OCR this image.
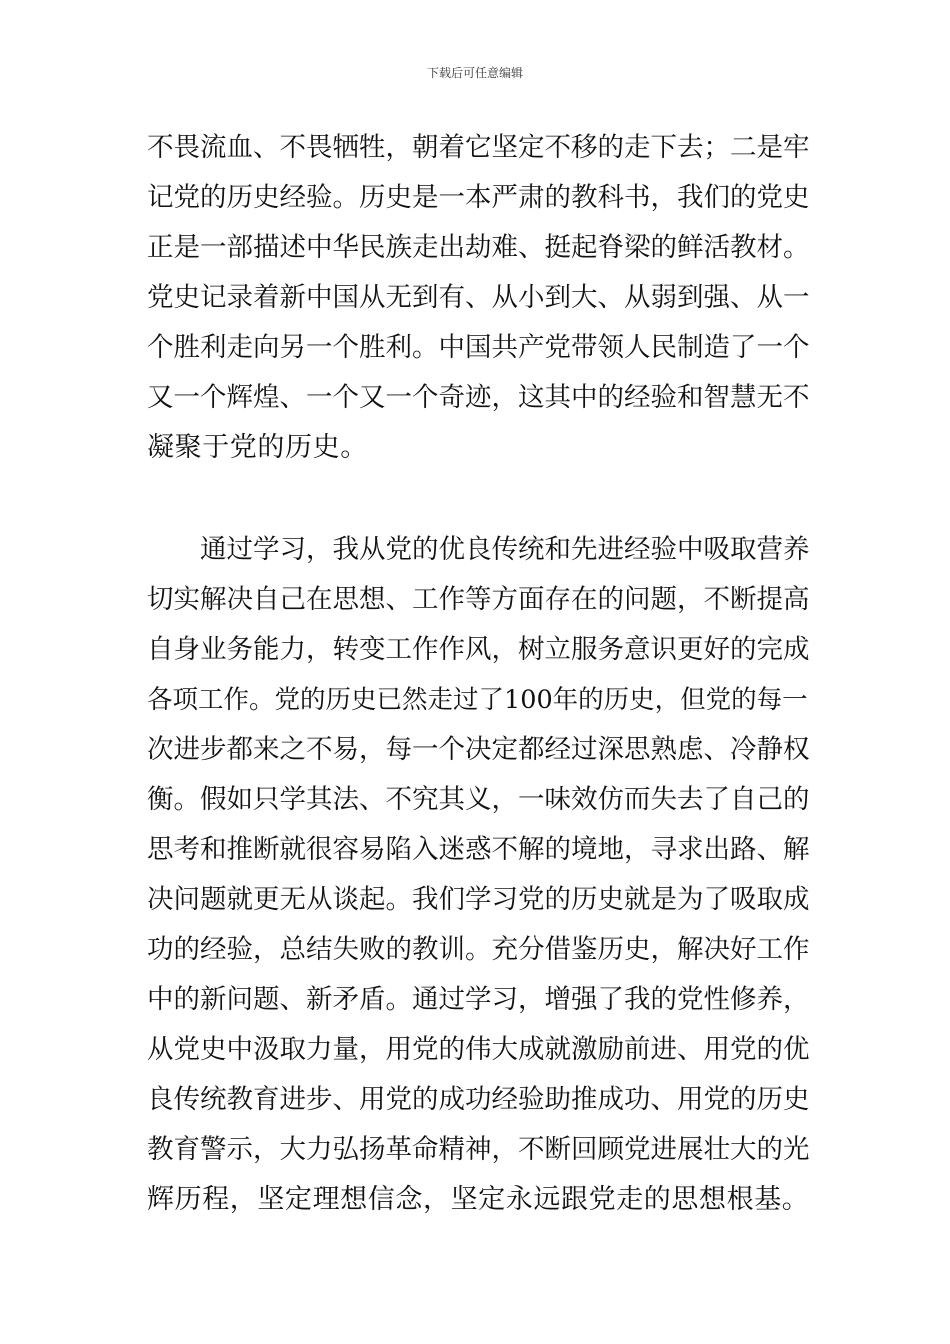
下载后可任意编辑

不畏流血、不畏牺牲，朝着它坚定不移的走下去；二是牢

记党的历史经验。历史是一本严肃的教科书，我们的党史

正是一部描述中华民族走出劫难、挺起脊梁的鲜活教材。

党史记录着新中国从无到有、从小到大、从弱到强、从一

个胜利走向另一个胜利。中国共产党带领人民制造了一个

又一个辉煌、一个又一个奇迹，这其中的经验和智慧无不

凝聚于党的历史。

通过学习，我从党的优良传统和先进经验中吸取营养

切实解决自己在思想、工作等方面存在的问题，不断提高

自身业务能力，转变工作作风，树立服务意识更好的完成

各项工作。党的历史已然走过了100年的历史，但党的每一

次进步都来之不易，每一个决定都经过深思熟虑、冷静权

衡。假如只学其法、不究其义，一味效仿而失去了自己的

思考和推断就很容易陷入迷惑不解的境地，寻求出路、解

决问题就更无从谈起。我们学习党的历史就是为了吸取成

功的经验，总结失败的教训。充分借鉴历史，解决好工作

中的新问题、新矛盾。通过学习，增强了我的党性修养，

从党史中汲取力量，用党的伟大成就激励前进、用党的优

良传统教育进步、用党的成功经验助推成功、用党的历史

教育警示，大力弘扬革命精神，不断回顾党进展壮大的光

辉历程，坚定理想信念，坚定永远跟党走的思想根基。
